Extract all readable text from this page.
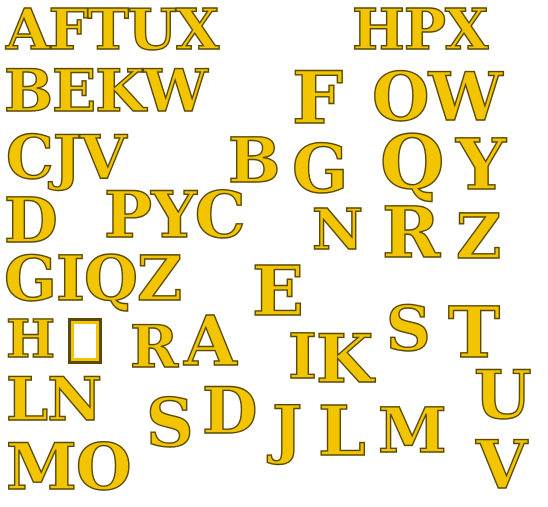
AFTUX HPX
BEKW F OW
CJV B G Q Y
D PYC N R Z
GIQZ E
H R A I K S T
LN S D J L M U
MO	V
